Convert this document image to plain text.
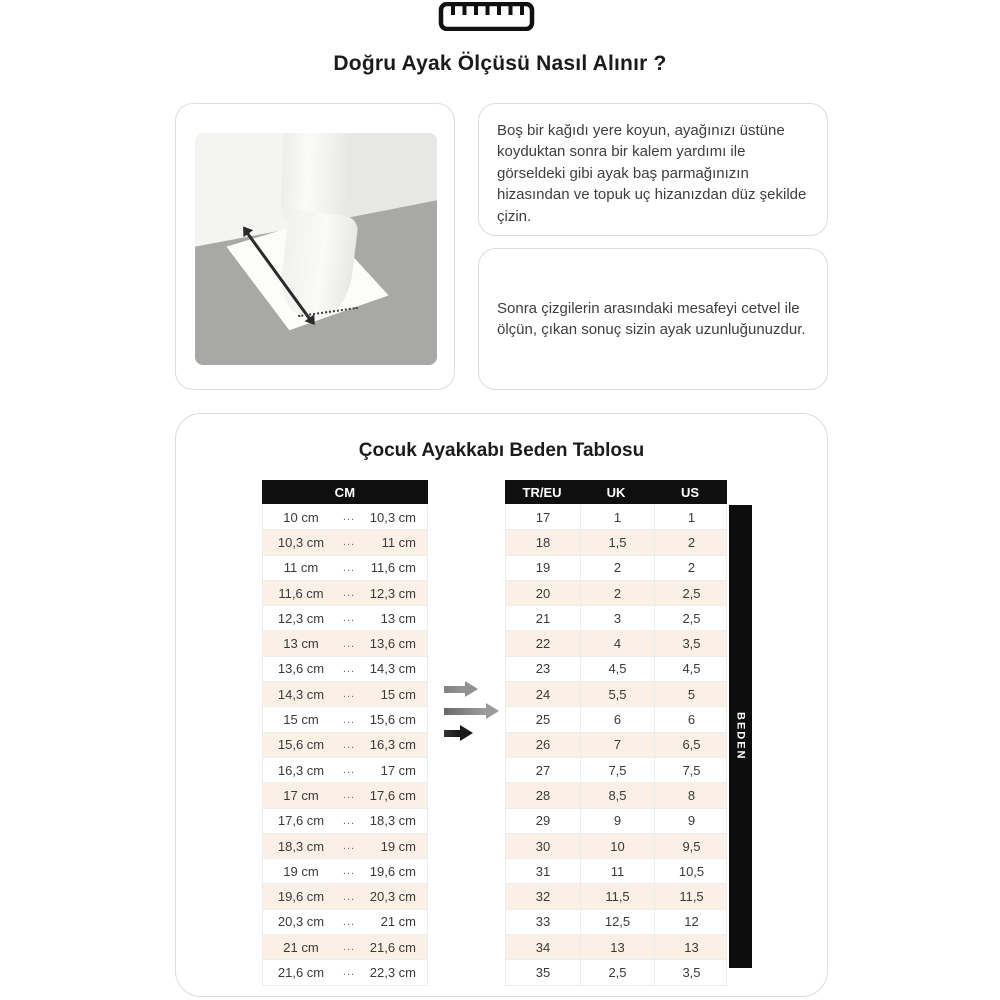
Doğru Ayak Ölçüsü Nasıl Alınır ?
Boş bir kağıdı yere koyun, ayağınızı üstüne koyduktan sonra bir kalem yardımı ile görseldeki gibi ayak baş parmağınızın hizasından ve topuk uç hizanızdan düz şekilde çizin.
Sonra çizgilerin arasındaki mesafeyi cetvel ile ölçün, çıkan sonuç sizin ayak uzunluğunuzdur.
Çocuk Ayakkabı Beden Tablosu
CM	TR/EU	UK	US
10 cm	...	10,3 cm
10,3 cm	...	11 cm
11 cm	...	11,6 cm
11,6 cm	...	12,3 cm
12,3 cm	...	13 cm
13 cm	...	13,6 cm
13,6 cm	...	14,3 cm
14,3 cm	...	15 cm
15 cm	...	15,6 cm
15,6 cm	...	16,3 cm
16,3 cm	...	17 cm
17 cm	...	17,6 cm
17,6 cm	...	18,3 cm
18,3 cm	...	19 cm
19 cm	...	19,6 cm
19,6 cm	...	20,3 cm
20,3 cm	...	21 cm
21 cm	...	21,6 cm
21,6 cm	...	22,3 cm
17	1	1
18	1,5	2
19	2	2
20	2	2,5
21	3	2,5
22	4	3,5
23	4,5	4,5
24	5,5	5
25	6	6
26	7	6,5
27	7,5	7,5
28	8,5	8
29	9	9
30	10	9,5
31	11	10,5
32	11,5	11,5
33	12,5	12
34	13	13
35	2,5	3,5
BEDEN
